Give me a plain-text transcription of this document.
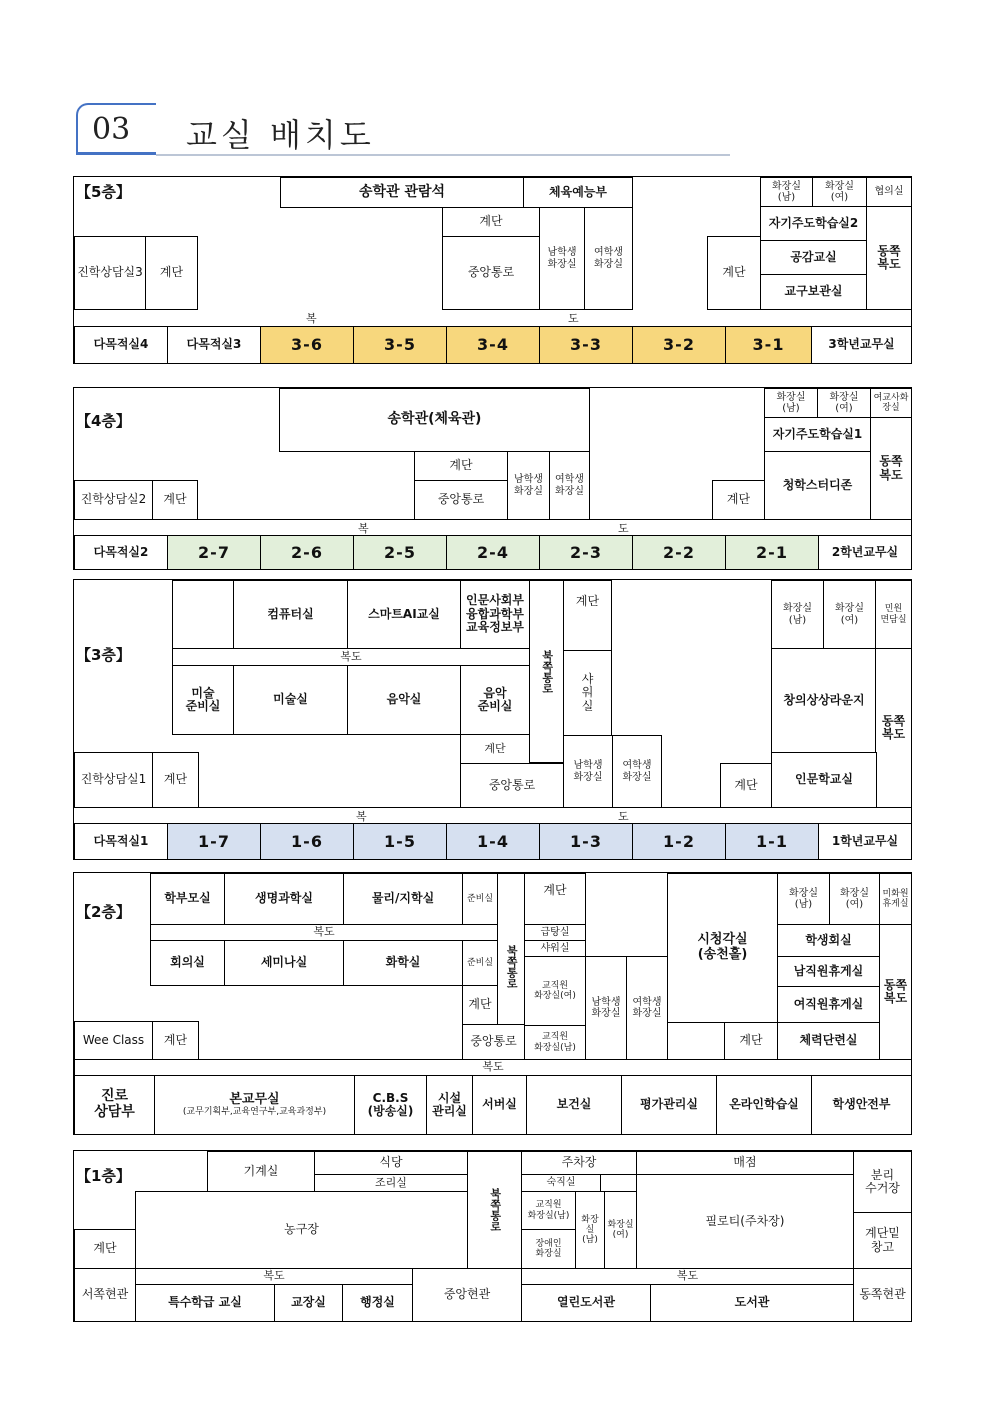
03 교실 배치도
【5층】	송학관 관람석	체육예능부
계단
중앙통로
남학생
화장실
여학생
화장실
진학상담실3	계단	계단
화장실
(남)
화장실
(여)
협의실
자기주도학습실2
공감교실
교구보관실
동쪽
복도
복	도
다목적실4	다목적실3	3-6	3-5	3-4	3-3	3-2	3-1	3학년교무실
【4층】	송학관(체육관)
계단
중앙통로
남학생
화장실
여학생
화장실
진학상담실2	계단	계단
화장실
(남)
화장실
(여)
여교사화
장실
자기주도학습실1
청학스터디존
동쪽
복도
복	도
다목적실2	2-7	2-6	2-5	2-4	2-3	2-2	2-1	2학년교무실
【3층】
컴퓨터실	스마트AI교실
인문사회부
융합과학부
교육정보부
북쪽통로
계단
복도
미술
준비실	미술실	음악실	음악
준비실
샤
워
실
계단
중앙통로
남학생
화장실
여학생
화장실
진학상담실1	계단	계단
화장실
(남)
화장실
(여)
민원
면담실
창의상상라운지
동쪽
복도
인문학교실
복	도
다목적실1	1-7	1-6	1-5	1-4	1-3	1-2	1-1	1학년교무실
【2층】
학부모실	생명과학실	물리/지학실	준비실
북쪽통로
계단
복도
회의실	세미나실	화학실	준비실
급탕실
샤워실
교직원
화장실(여)
교직원
화장실(남)
계단
중앙통로
남학생
화장실
여학생
화장실
시청각실
(송천홀)
Wee Class	계단	계단
화장실
(남)
화장실
(여)
미화원
휴게실
학생회실
남직원휴게실
여직원휴게실
동쪽
복도
체력단련실
복도
진로
상담부
본교무실
(교무기획부,교육연구부,교육과정부)
C.B.S
(방송실)
시설
관리실	서버실	보건실	평가관리실	온라인학습실	학생안전부
【1층】	기계실
식당
조리실
북쪽통로
주차장
숙직실
매점
분리
수거장
농구장
교직원
화장실(남)
장애인
화장실
화장실
(남)
화장실
(여)
필로티(주차장)
계단밑
창고
계단
서쪽현관
복도
특수학급 교실	교장실	행정실
중앙현관
복도
열린도서관	도서관
동쪽현관
